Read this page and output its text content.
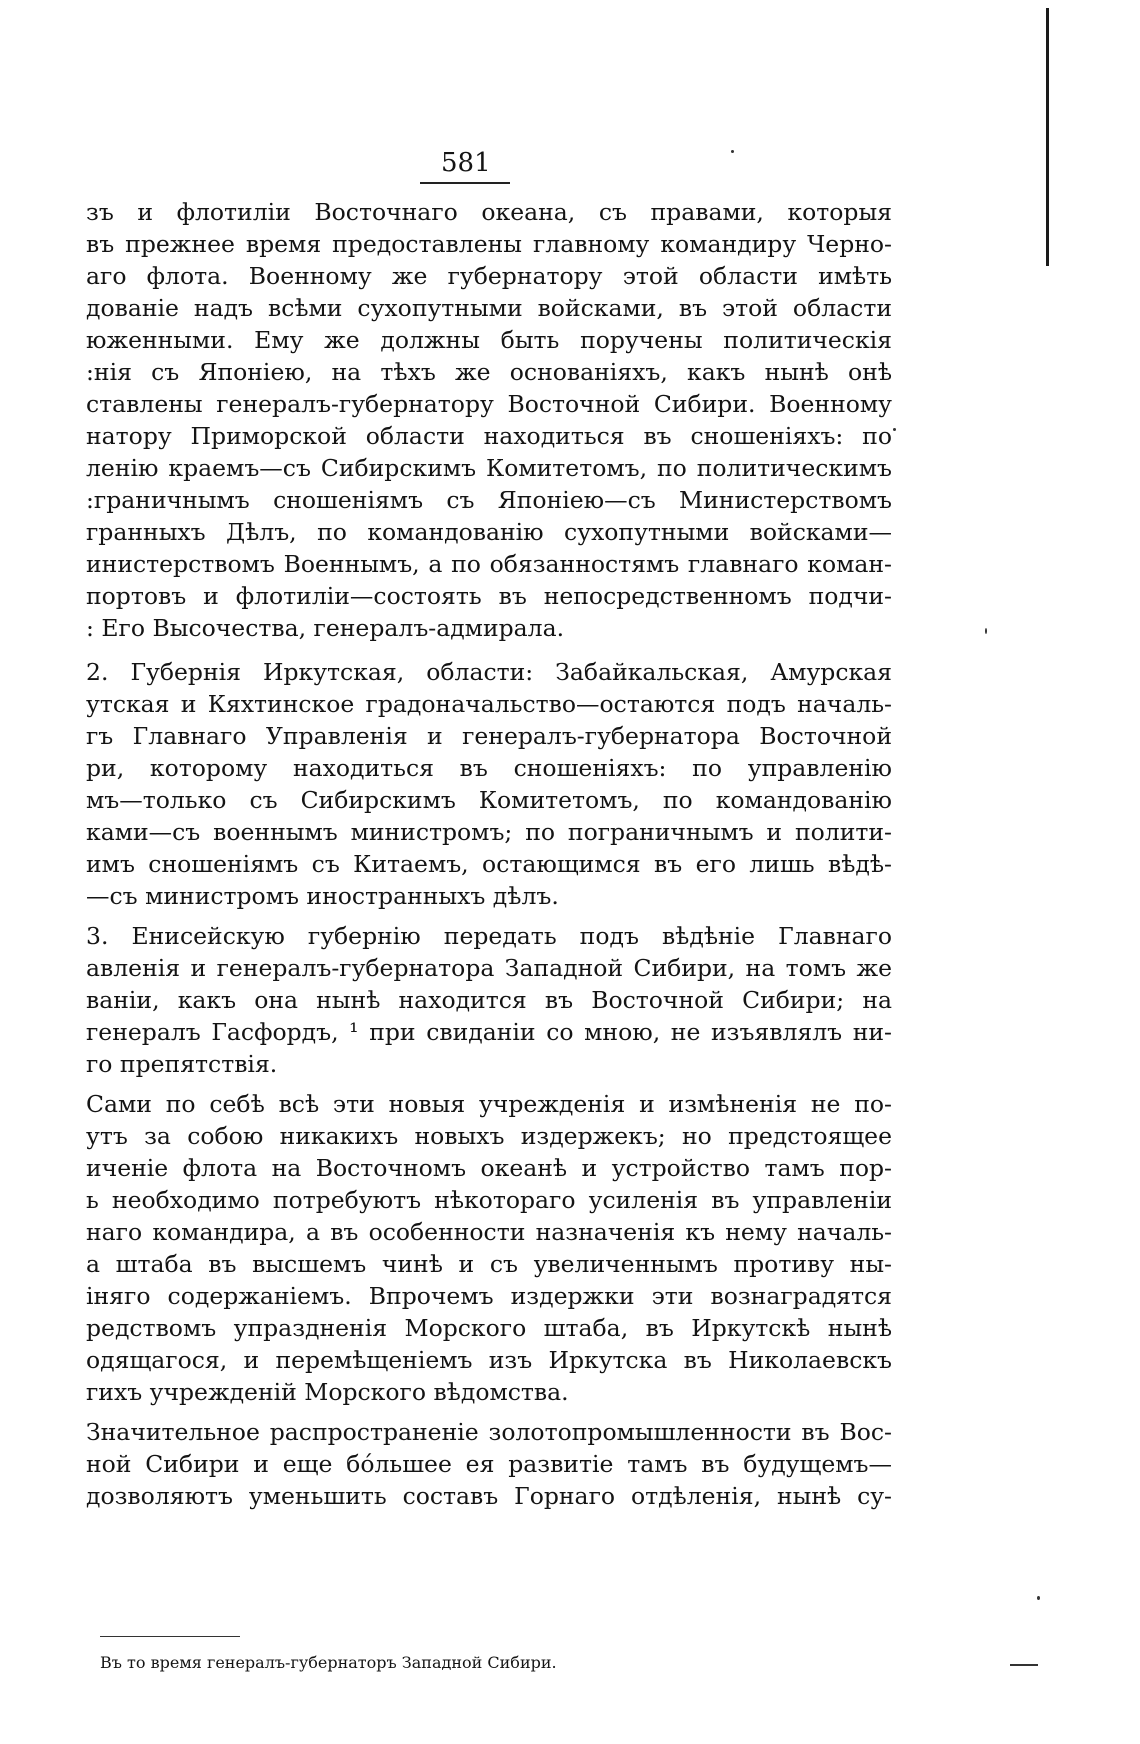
581
зъ и флотиліи Восточнаго океана, съ правами, которыя
въ прежнее время предоставлены главному командиру Черно-
аго флота. Военному же губернатору этой области имѣть
дованіе надъ всѣми сухопутными войсками, въ этой области
юженными. Ему же должны быть поручены политическія
:нія съ Японіею, на тѣхъ же основаніяхъ, какъ нынѣ онѣ
ставлены генералъ-губернатору Восточной Сибири. Военному
натору Приморской области находиться въ сношеніяхъ: по
ленію краемъ—съ Сибирскимъ Комитетомъ, по политическимъ
:граничнымъ сношеніямъ съ Японіею—съ Министерствомъ
гранныхъ Дѣлъ, по командованію сухопутными войсками—
инистерствомъ Военнымъ, а по обязанностямъ главнаго коман-
портовъ и флотиліи—состоять въ непосредственномъ подчи-
: Его Высочества, генералъ-адмирала.
2. Губернія Иркутская, области: Забайкальская, Амурская
утская и Кяхтинское градоначальство—остаются подъ началь-
гъ Главнаго Управленія и генералъ-губернатора Восточной
ри, которому находиться въ сношеніяхъ: по управленію
мъ—только съ Сибирскимъ Комитетомъ, по командованію
ками—съ военнымъ министромъ; по пограничнымъ и полити-
имъ сношеніямъ съ Китаемъ, остающимся въ его лишь вѣдѣ-
—съ министромъ иностранныхъ дѣлъ.
3. Енисейскую губернію передать подъ вѣдѣніе Главнаго
авленія и генералъ-губернатора Западной Сибири, на томъ же
ваніи, какъ она нынѣ находится въ Восточной Сибири; на
генералъ Гасфордъ, ¹ при свиданіи со мною, не изъявлялъ ни-
го препятствія.
Сами по себѣ всѣ эти новыя учрежденія и измѣненія не по-
утъ за собою никакихъ новыхъ издержекъ; но предстоящее
иченіе флота на Восточномъ океанѣ и устройство тамъ пор-
ь необходимо потребуютъ нѣкотораго усиленія въ управленіи
наго командира, а въ особенности назначенія къ нему началь-
а штаба въ высшемъ чинѣ и съ увеличеннымъ противу ны-
іняго содержаніемъ. Впрочемъ издержки эти вознаградятся
редствомъ упраздненія Морского штаба, въ Иркутскѣ нынѣ
одящагося, и перемѣщеніемъ изъ Иркутска въ Николаевскъ
гихъ учрежденій Морского вѣдомства.
Значительное распространеніе золотопромышленности въ Вос-
ной Сибири и еще бóльшее ея развитіе тамъ въ будущемъ—
дозволяютъ уменьшить составъ Горнаго отдѣленія, нынѣ су-
Въ то время генералъ-губернаторъ Западной Сибири.
